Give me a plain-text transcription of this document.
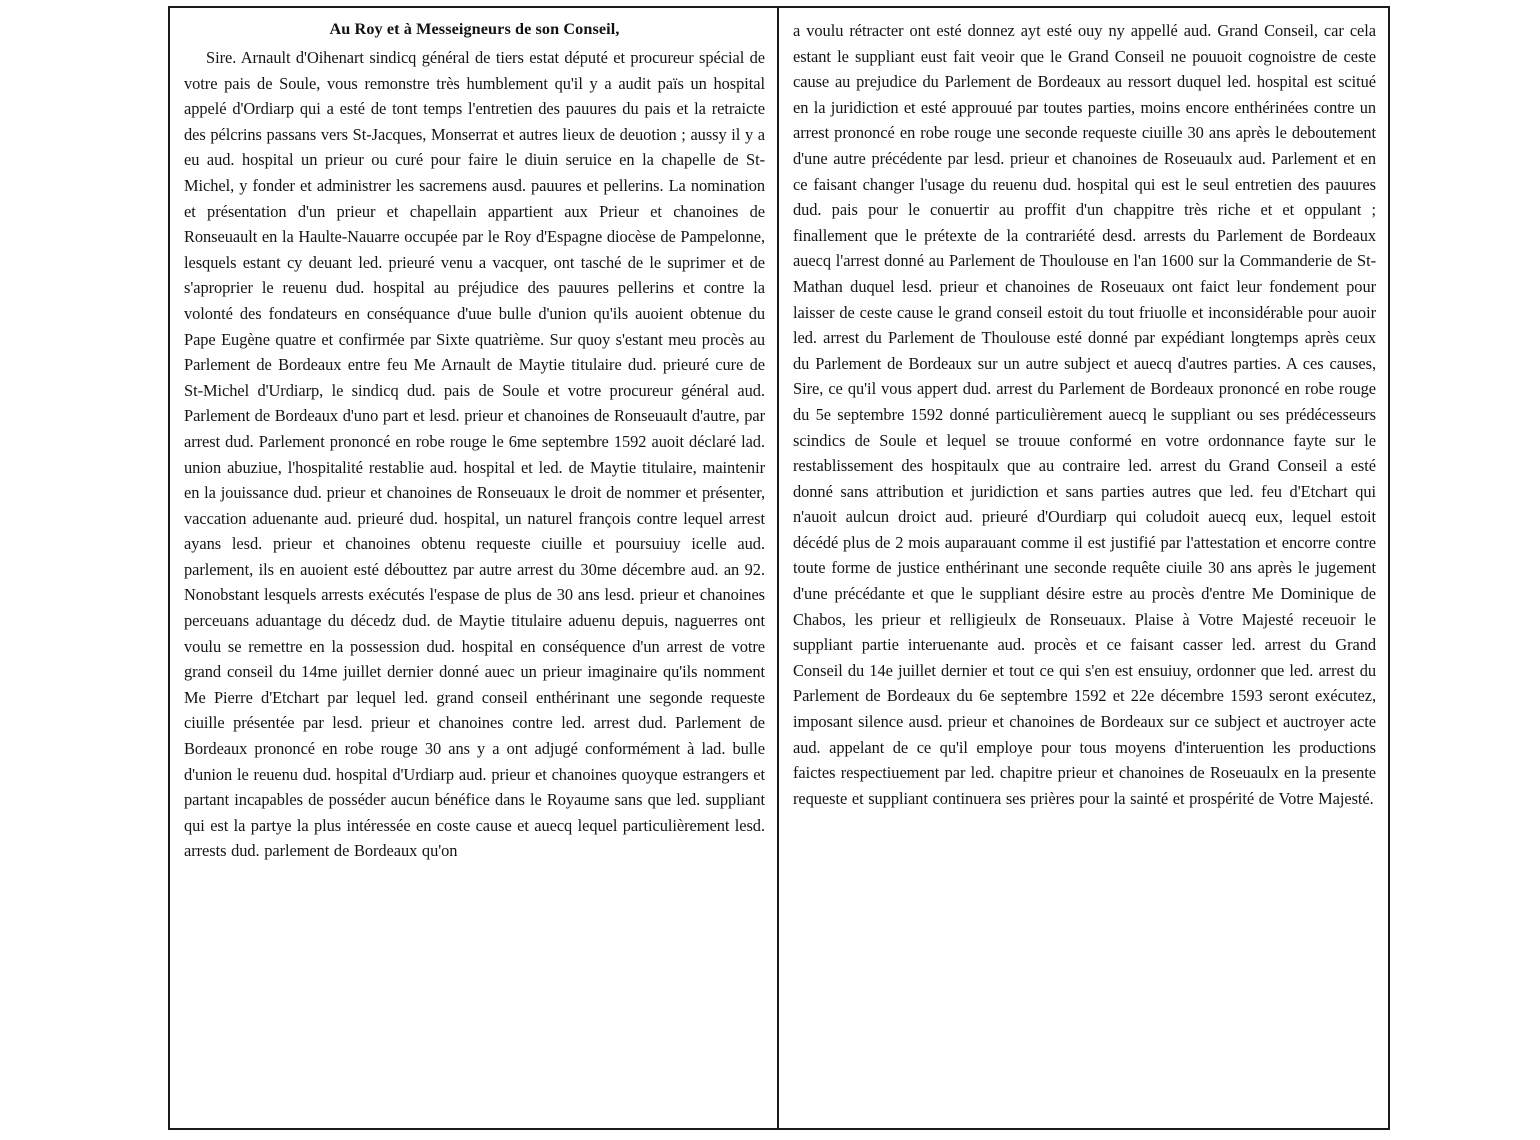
Au Roy et à Messeigneurs de son Conseil,

Sire. Arnault d'Oihenart sindicq général de tiers estat député et procureur spécial de votre pais de Soule, vous remonstre très humblement qu'il y a audit païs un hospital appelé d'Ordiarp qui a esté de tont temps l'entretien des pauures du pais et la retraicte des pélcrins passans vers St-Jacques, Monserrat et autres lieux de deuotion ; aussy il y a eu aud. hospital un prieur ou curé pour faire le diuin seruice en la chapelle de St-Michel, y fonder et administrer les sacremens ausd. pauures et pellerins. La nomination et présentation d'un prieur et chapellain appartient aux Prieur et chanoines de Ronseuault en la Haulte-Nauarre occupée par le Roy d'Espagne diocèse de Pampelonne, lesquels estant cy deuant led. prieuré venu a vacquer, ont tasché de le suprimer et de s'aproprier le reuenu dud. hospital au préjudice des pauures pellerins et contre la volonté des fondateurs en conséquance d'uue bulle d'union qu'ils auoient obtenue du Pape Eugène quatre et confirmée par Sixte quatrième. Sur quoy s'estant meu procès au Parlement de Bordeaux entre feu Me Arnault de Maytie titulaire dud. prieuré cure de St-Michel d'Urdiarp, le sindicq dud. pais de Soule et votre procureur général aud. Parlement de Bordeaux d'uno part et lesd. prieur et chanoines de Ronseuault d'autre, par arrest dud. Parlement prononcé en robe rouge le 6me septembre 1592 auoit déclaré lad. union abuziue, l'hospitalité restablie aud. hospital et led. de Maytie titulaire, maintenir en la jouissance dud. prieur et chanoines de Ronseuaux le droit de nommer et présenter, vaccation aduenante aud. prieuré dud. hospital, un naturel françois contre lequel arrest ayans lesd. prieur et chanoines obtenu requeste ciuille et poursuiuy icelle aud. parlement, ils en auoient esté débouttez par autre arrest du 30me décembre aud. an 92. Nonobstant lesquels arrests exécutés l'espase de plus de 30 ans lesd. prieur et chanoines perceuans aduantage du décedz dud. de Maytie titulaire aduenu depuis, naguerres ont voulu se remettre en la possession dud. hospital en conséquence d'un arrest de votre grand conseil du 14me juillet dernier donné auec un prieur imaginaire qu'ils nomment Me Pierre d'Etchart par lequel led. grand conseil enthérinant une segonde requeste ciuille présentée par lesd. prieur et chanoines contre led. arrest dud. Parlement de Bordeaux prononcé en robe rouge 30 ans y a ont adjugé conformément à lad. bulle d'union le reuenu dud. hospital d'Urdiarp aud. prieur et chanoines quoyque estrangers et partant incapables de posséder aucun bénéfice dans le Royaume sans que led. suppliant qui est la partye la plus intéressée en coste cause et auecq lequel particulièrement lesd. arrests dud. parlement de Bordeaux qu'on

a voulu rétracter ont esté donnez ayt esté ouy ny appellé aud. Grand Conseil, car cela estant le suppliant eust fait veoir que le Grand Conseil ne pouuoit cognoistre de ceste cause au prejudice du Parlement de Bordeaux au ressort duquel led. hospital est scitué en la juridiction et esté approuué par toutes parties, moins encore enthérinées contre un arrest prononcé en robe rouge une seconde requeste ciuille 30 ans après le deboutement d'une autre précédente par lesd. prieur et chanoines de Roseuaulx aud. Parlement et en ce faisant changer l'usage du reuenu dud. hospital qui est le seul entretien des pauures dud. pais pour le conuertir au proffit d'un chappitre très riche et et oppulant ; finallement que le prétexte de la contrariété desd. arrests du Parlement de Bordeaux auecq l'arrest donné au Parlement de Thoulouse en l'an 1600 sur la Commanderie de St-Mathan duquel lesd. prieur et chanoines de Roseuaux ont faict leur fondement pour laisser de ceste cause le grand conseil estoit du tout friuolle et inconsidérable pour auoir led. arrest du Parlement de Thoulouse esté donné par expédiant longtemps après ceux du Parlement de Bordeaux sur un autre subject et auecq d'autres parties. A ces causes, Sire, ce qu'il vous appert dud. arrest du Parlement de Bordeaux prononcé en robe rouge du 5e septembre 1592 donné particulièrement auecq le suppliant ou ses prédécesseurs scindics de Soule et lequel se trouue conformé en votre ordonnance fayte sur le restablissement des hospitaulx que au contraire led. arrest du Grand Conseil a esté donné sans attribution et juridiction et sans parties autres que led. feu d'Etchart qui n'auoit aulcun droict aud. prieuré d'Ourdiarp qui coludoit auecq eux, lequel estoit décédé plus de 2 mois auparauant comme il est justifié par l'attestation et encorre contre toute forme de justice enthérinant une seconde requête ciuile 30 ans après le jugement d'une précédante et que le suppliant désire estre au procès d'entre Me Dominique de Chabos, les prieur et relligieulx de Ronseuaux. Plaise à Votre Majesté receuoir le suppliant partie interuenante aud. procès et ce faisant casser led. arrest du Grand Conseil du 14e juillet dernier et tout ce qui s'en est ensuiuy, ordonner que led. arrest du Parlement de Bordeaux du 6e septembre 1592 et 22e décembre 1593 seront exécutez, imposant silence ausd. prieur et chanoines de Bordeaux sur ce subject et auctroyer acte aud. appelant de ce qu'il employe pour tous moyens d'interuention les productions faictes respectiuement par led. chapitre prieur et chanoines de Roseuaulx en la presente requeste et suppliant continuera ses prières pour la sainté et prospérité de Votre Majesté.
